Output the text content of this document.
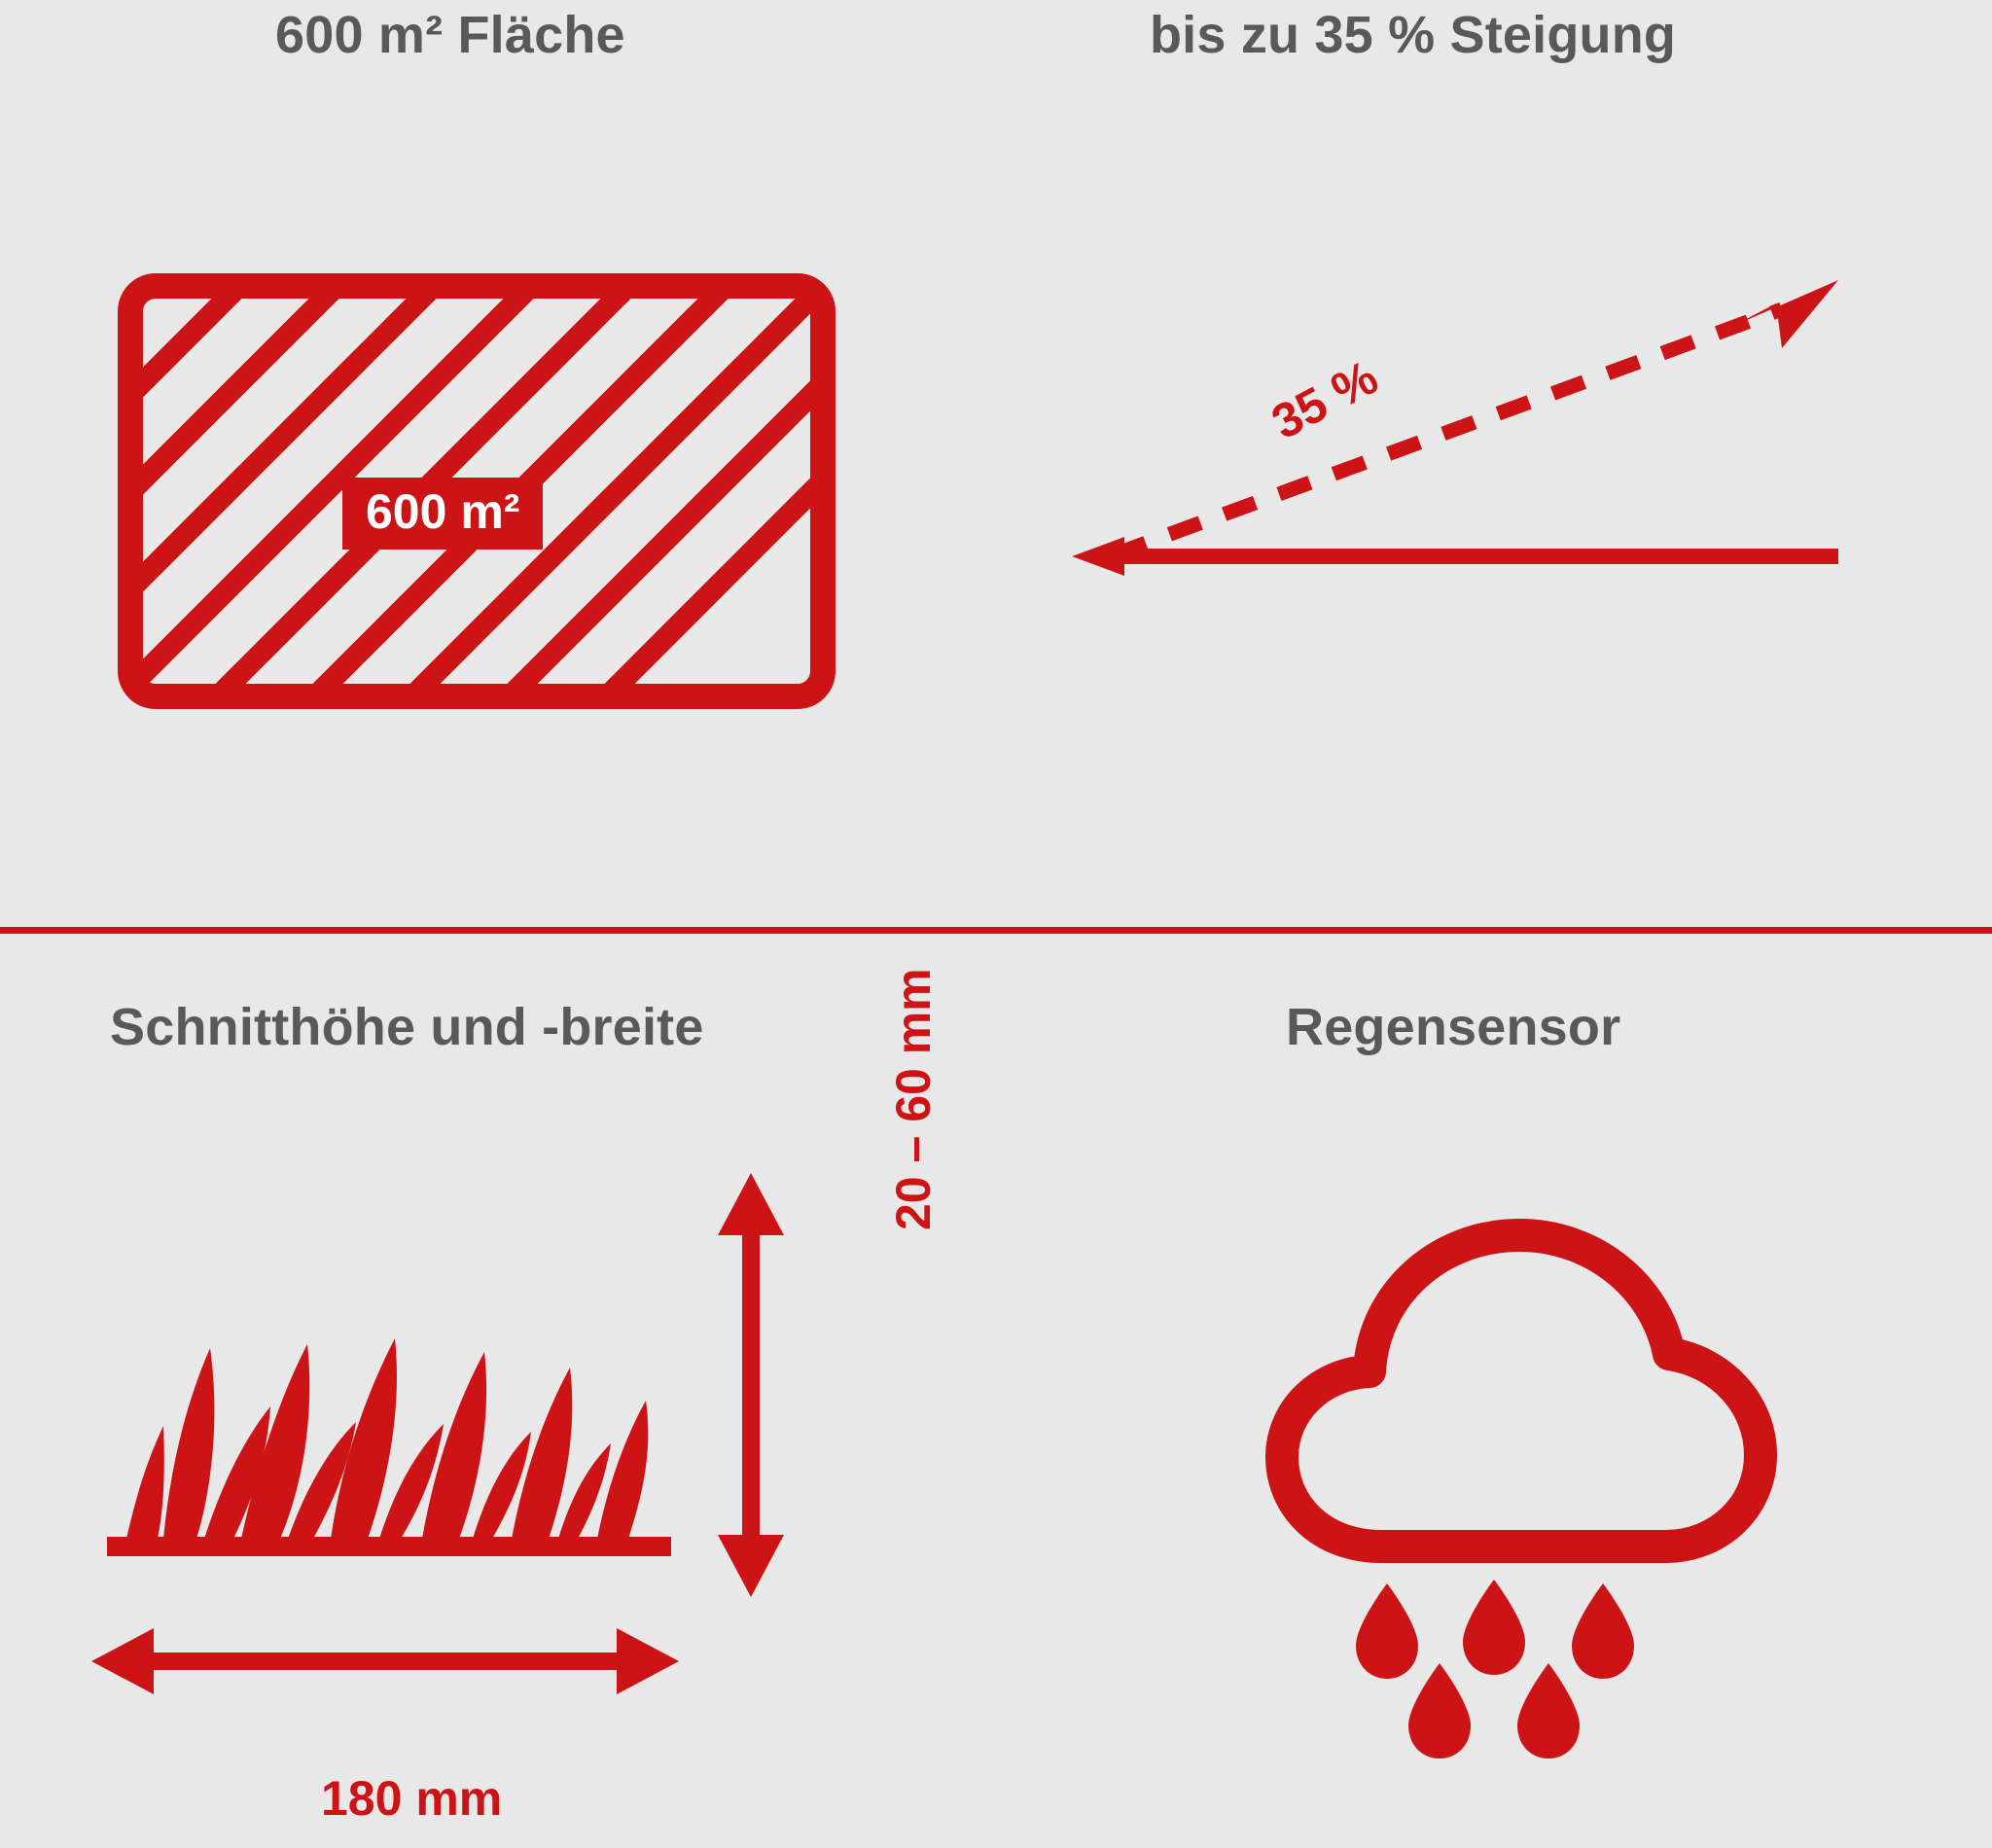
600 m² Fläche	bis zu 35 % Steigung
600 m²
35 %
Schnitthöhe und -breite	Regensensor
20 – 60 mm
180 mm
